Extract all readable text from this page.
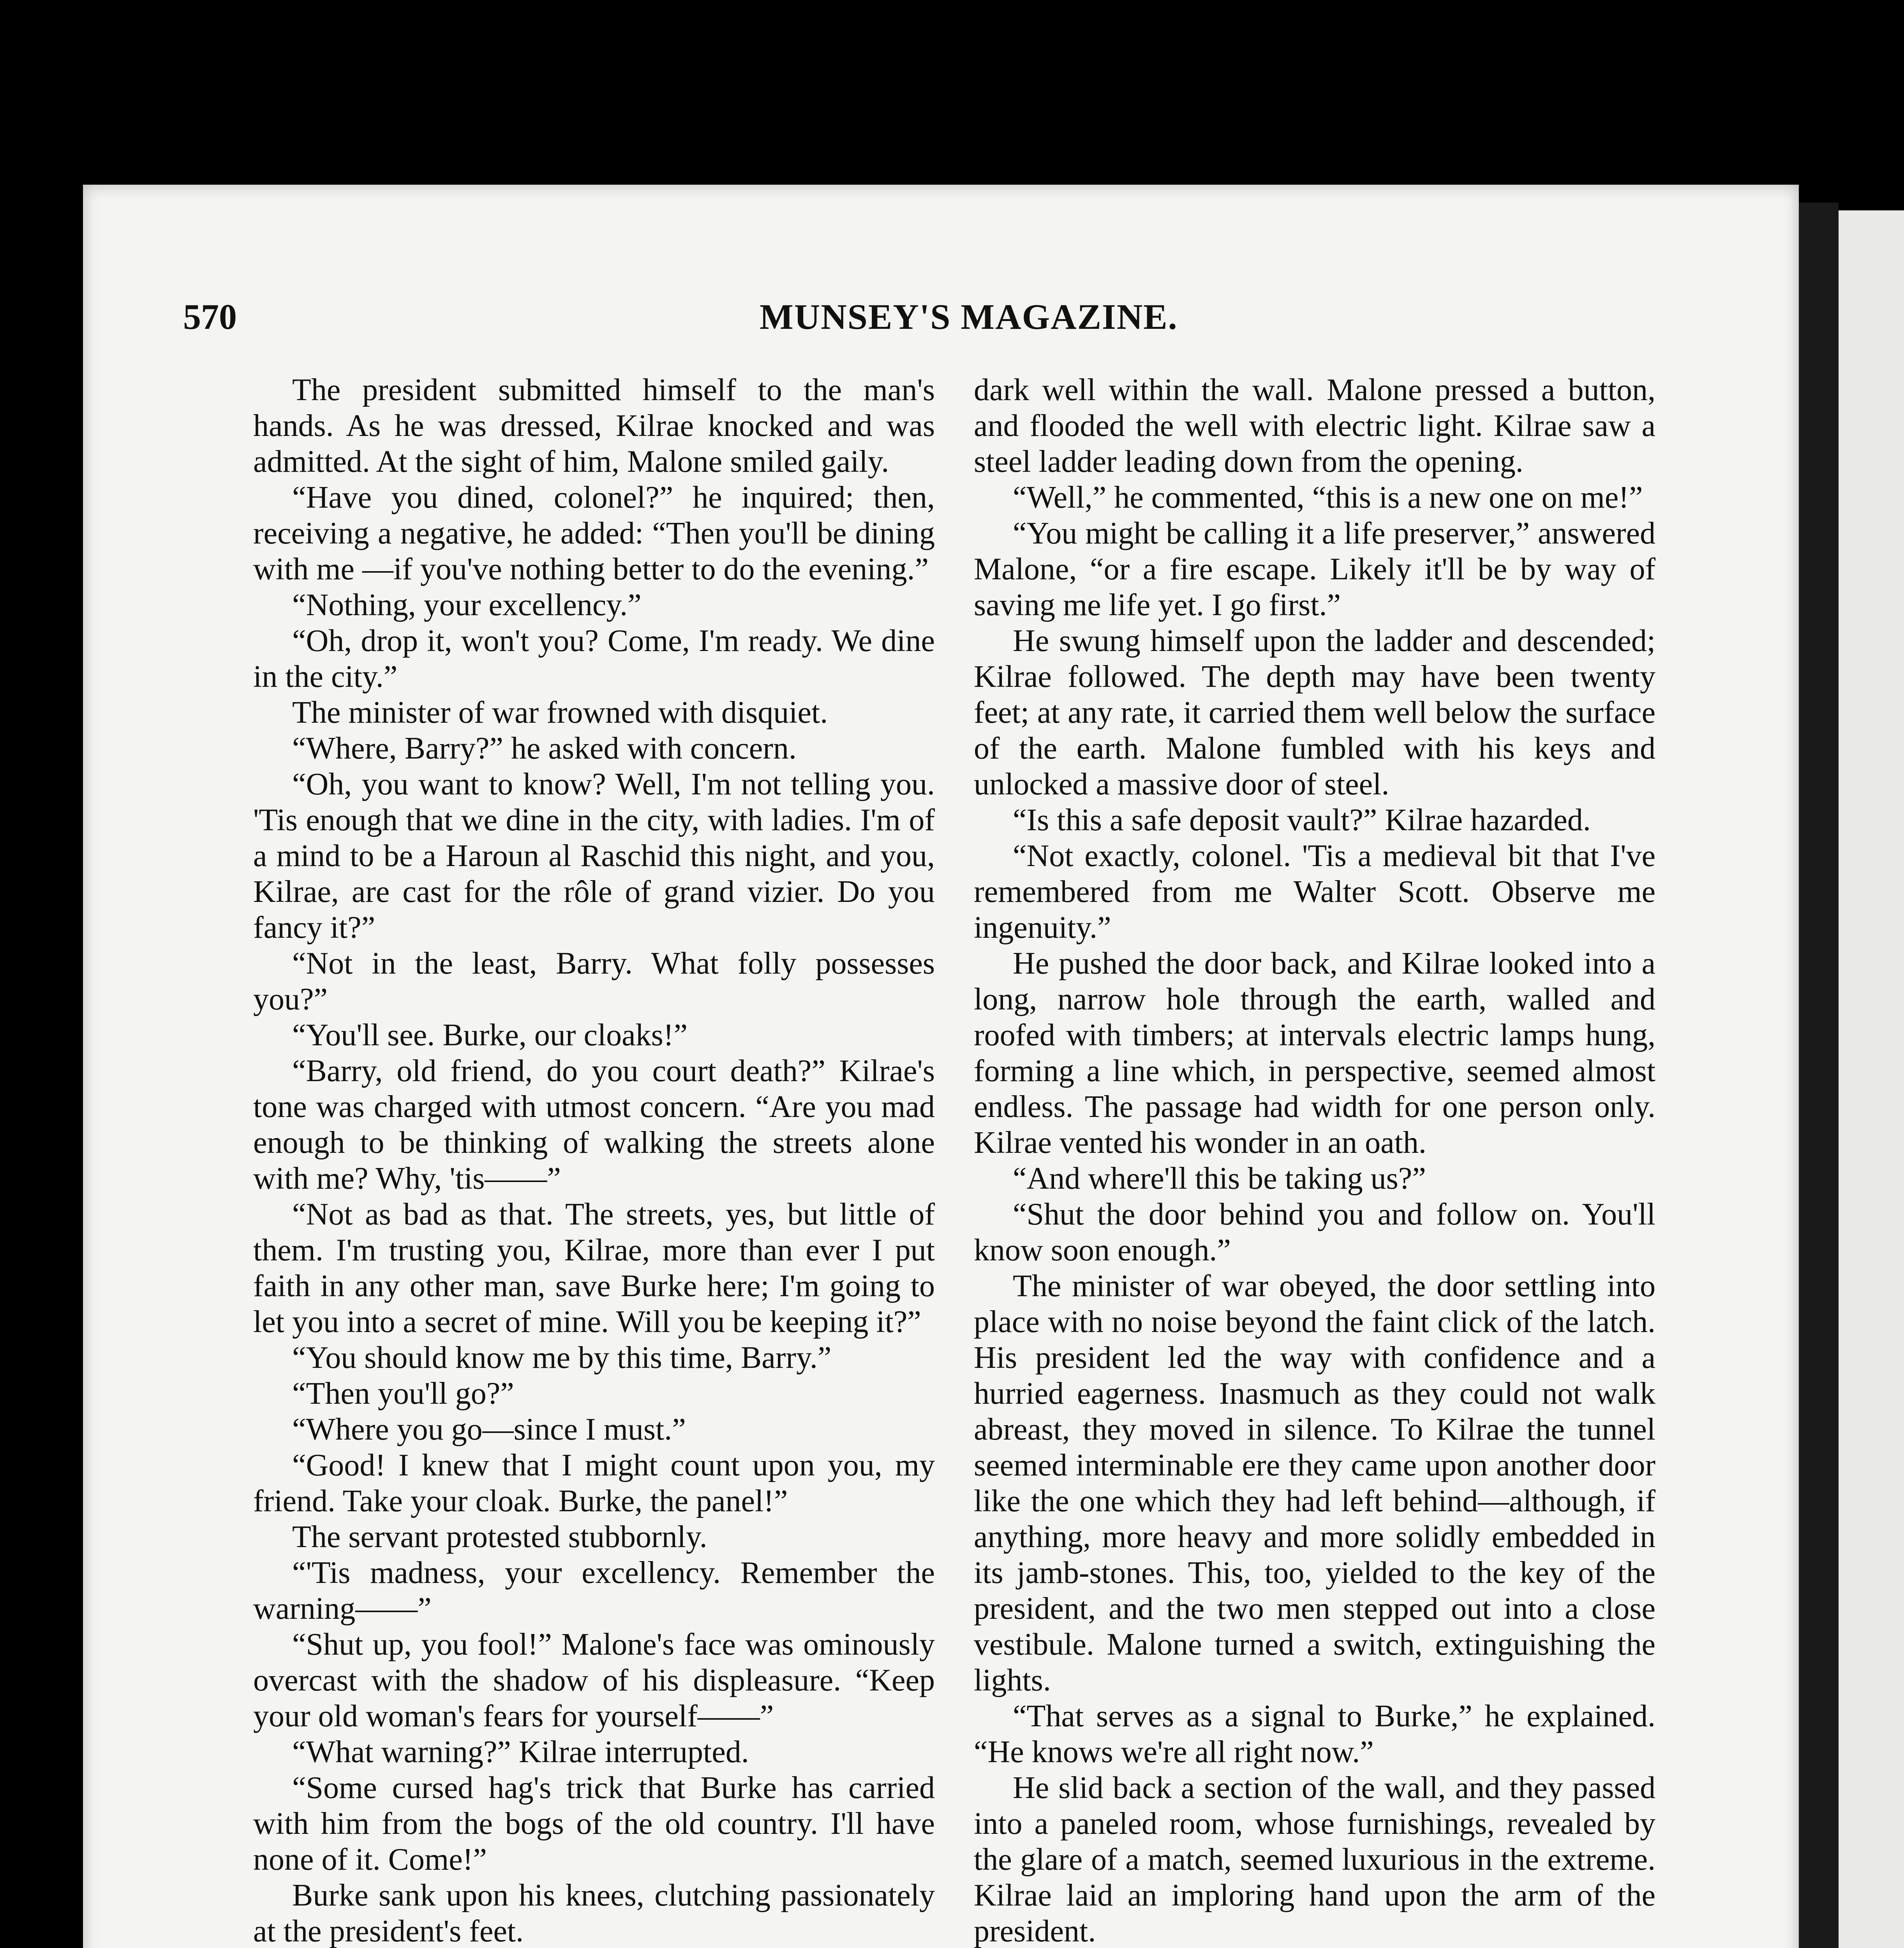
570	MUNSEY'S MAGAZINE.

The president submitted himself to the man's hands. As he was dressed, Kilrae knocked and was admitted. At the sight of him, Malone smiled gaily.

“Have you dined, colonel?” he inquired; then, receiving a negative, he added: “Then you'll be dining with me —if you've nothing better to do the evening.”

“Nothing, your excellency.”

“Oh, drop it, won't you? Come, I'm ready. We dine in the city.”

The minister of war frowned with disquiet.

“Where, Barry?” he asked with concern.

“Oh, you want to know? Well, I'm not telling you. 'Tis enough that we dine in the city, with ladies. I'm of a mind to be a Haroun al Raschid this night, and you, Kilrae, are cast for the rôle of grand vizier. Do you fancy it?”

“Not in the least, Barry. What folly possesses you?”

“You'll see. Burke, our cloaks!”

“Barry, old friend, do you court death?” Kilrae's tone was charged with utmost concern. “Are you mad enough to be thinking of walking the streets alone with me? Why, 'tis——”

“Not as bad as that. The streets, yes, but little of them. I'm trusting you, Kilrae, more than ever I put faith in any other man, save Burke here; I'm going to let you into a secret of mine. Will you be keeping it?”

“You should know me by this time, Barry.”

“Then you'll go?”

“Where you go—since I must.”

“Good! I knew that I might count upon you, my friend. Take your cloak. Burke, the panel!”

The servant protested stubbornly.

“'Tis madness, your excellency. Remember the warning——”

“Shut up, you fool!” Malone's face was ominously overcast with the shadow of his displeasure. “Keep your old woman's fears for yourself——”

“What warning?” Kilrae interrupted.

“Some cursed hag's trick that Burke has carried with him from the bogs of the old country. I'll have none of it. Come!”

Burke sank upon his knees, clutching passionately at the president's feet.

dark well within the wall. Malone pressed a button, and flooded the well with electric light. Kilrae saw a steel ladder leading down from the opening.

“Well,” he commented, “this is a new one on me!”

“You might be calling it a life preserver,” answered Malone, “or a fire escape. Likely it'll be by way of saving me life yet. I go first.”

He swung himself upon the ladder and descended; Kilrae followed. The depth may have been twenty feet; at any rate, it carried them well below the surface of the earth. Malone fumbled with his keys and unlocked a massive door of steel.

“Is this a safe deposit vault?” Kilrae hazarded.

“Not exactly, colonel. 'Tis a medieval bit that I've remembered from me Walter Scott. Observe me ingenuity.”

He pushed the door back, and Kilrae looked into a long, narrow hole through the earth, walled and roofed with timbers; at intervals electric lamps hung, forming a line which, in perspective, seemed almost endless. The passage had width for one person only. Kilrae vented his wonder in an oath.

“And where'll this be taking us?”

“Shut the door behind you and follow on. You'll know soon enough.”

The minister of war obeyed, the door settling into place with no noise beyond the faint click of the latch. His president led the way with confidence and a hurried eagerness. Inasmuch as they could not walk abreast, they moved in silence. To Kilrae the tunnel seemed interminable ere they came upon another door like the one which they had left behind—although, if anything, more heavy and more solidly embedded in its jamb-stones. This, too, yielded to the key of the president, and the two men stepped out into a close vestibule. Malone turned a switch, extinguishing the lights.

“That serves as a signal to Burke,” he explained. “He knows we're all right now.”

He slid back a section of the wall, and they passed into a paneled room, whose furnishings, revealed by the glare of a match, seemed luxurious in the extreme. Kilrae laid an imploring hand upon the arm of the president.
